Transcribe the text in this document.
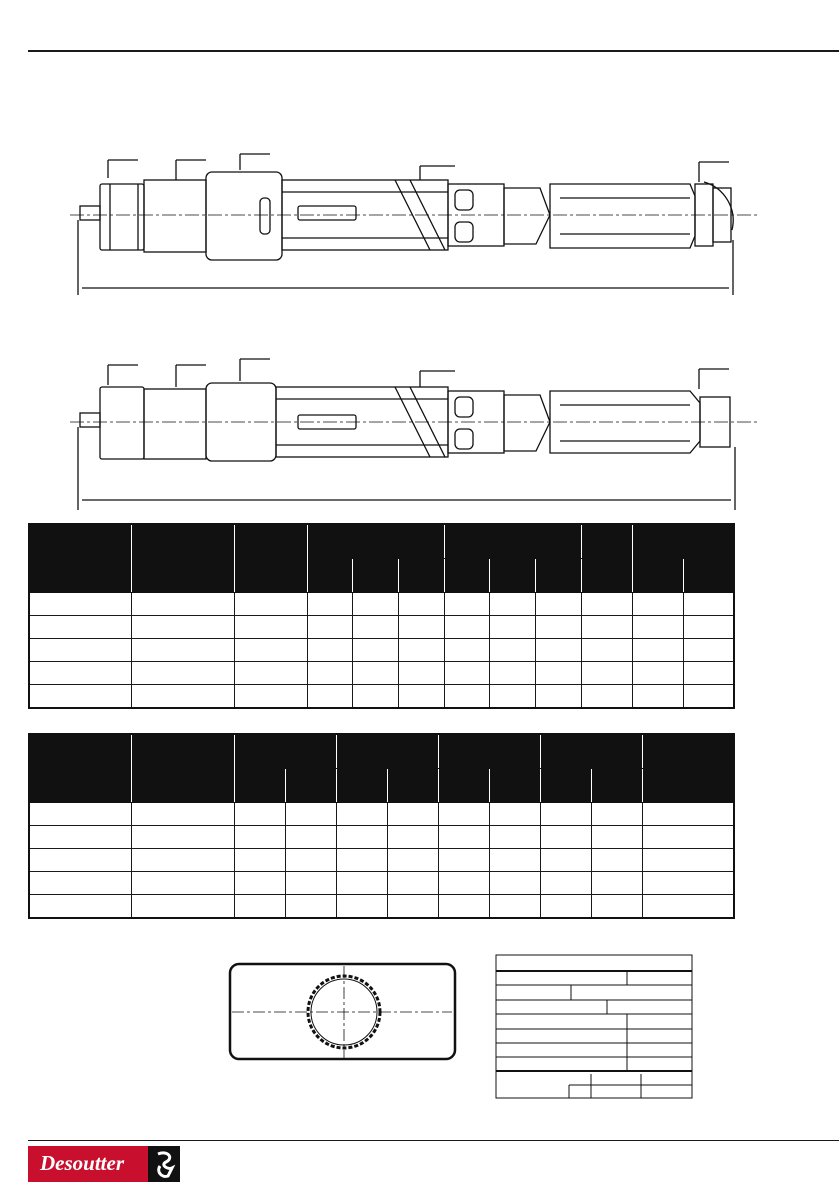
Desoutter
